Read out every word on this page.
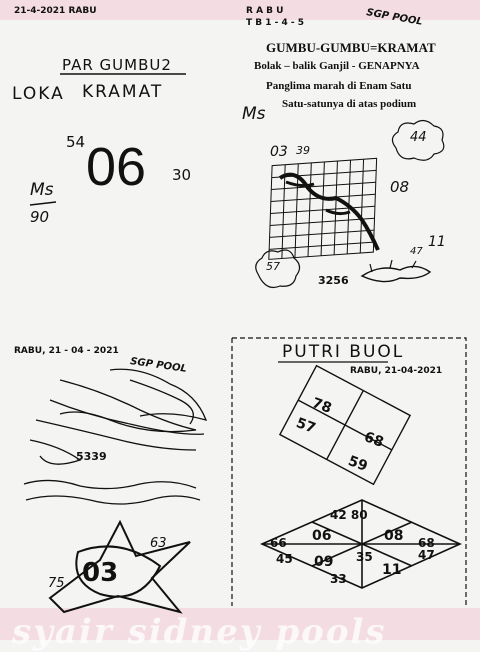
syair sidney pools
21-4-2021 RABU	R A B U
T B 1 - 4 - 5
PAR GUMBU2
LOKA KRAMAT
06
54
30
Ms
90
SGP POOL
GUMBU-GUMBU=KRAMAT
Bolak – balik Ganjil - GENAPNYA
Panglima marah di Enam Satu
Satu-satunya di atas podium
Ms
44
03 39
08
57
11
47
3256
RABU, 21 - 04 - 2021
SGP POOL
5339
63
03
75
PUTRI BUOL
RABU, 21-04-2021
78
57
68
59
42 80
66
45
06	08
09 35
68
47
33
11
